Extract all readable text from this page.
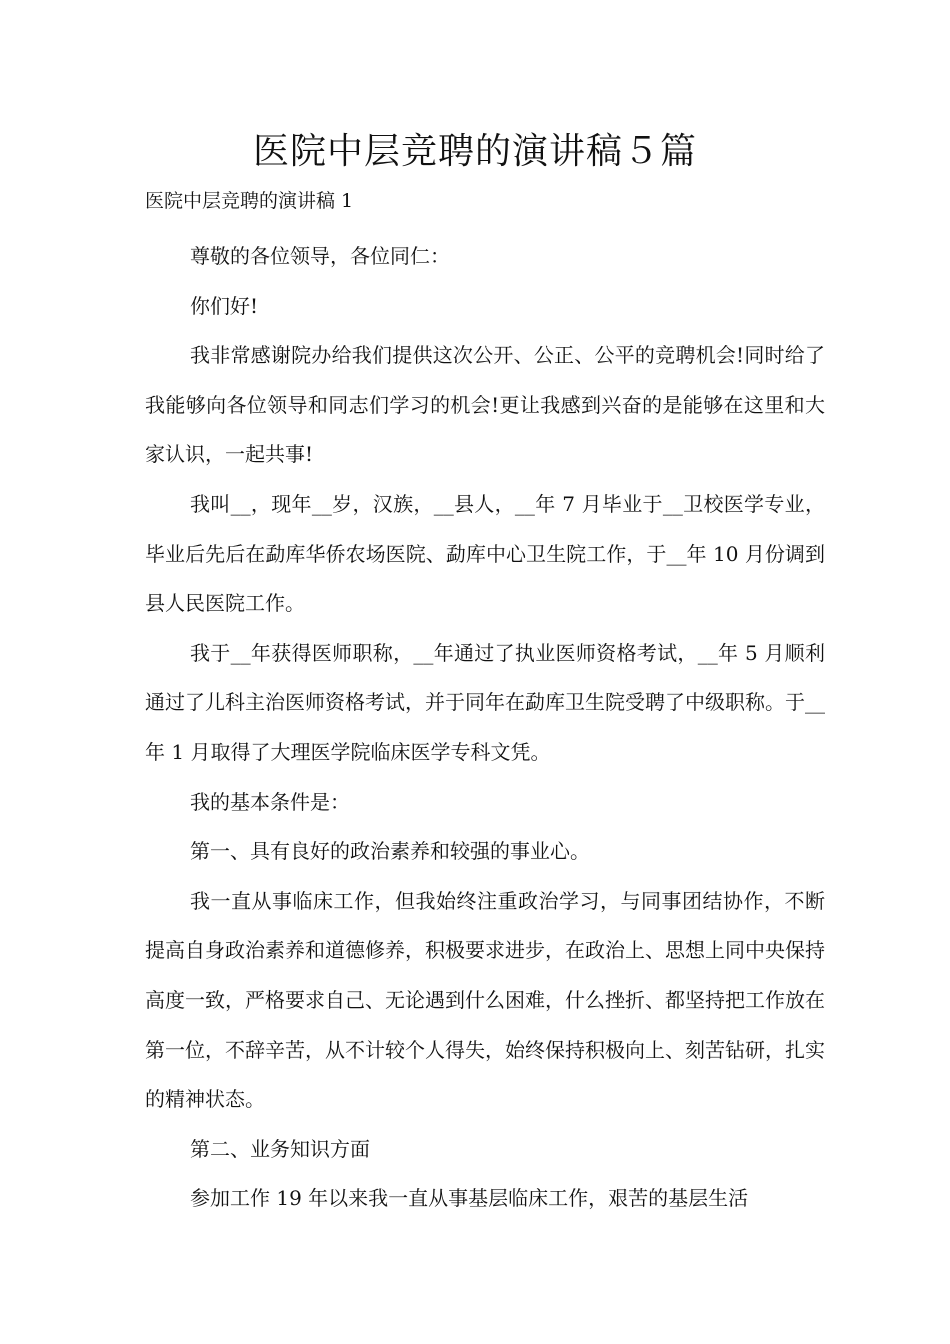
医院中层竞聘的演讲稿５篇

医院中层竞聘的演讲稿 1

尊敬的各位领导，各位同仁：

你们好!

我非常感谢院办给我们提供这次公开、公正、公平的竞聘机会!同时给了我能够向各位领导和同志们学习的机会!更让我感到兴奋的是能够在这里和大家认识，一起共事!

我叫__，现年__岁，汉族，__县人，__年 7 月毕业于__卫校医学专业，毕业后先后在勐库华侨农场医院、勐库中心卫生院工作，于__年 10 月份调到县人民医院工作。

我于__年获得医师职称，__年通过了执业医师资格考试，__年 5 月顺利通过了儿科主治医师资格考试，并于同年在勐库卫生院受聘了中级职称。于__年 1 月取得了大理医学院临床医学专科文凭。

我的基本条件是：

第一、具有良好的政治素养和较强的事业心。

我一直从事临床工作，但我始终注重政治学习，与同事团结协作，不断提高自身政治素养和道德修养，积极要求进步，在政治上、思想上同中央保持高度一致，严格要求自己、无论遇到什么困难，什么挫折、都坚持把工作放在第一位，不辞辛苦，从不计较个人得失，始终保持积极向上、刻苦钻研，扎实的精神状态。

第二、业务知识方面

参加工作 19 年以来我一直从事基层临床工作，艰苦的基层生活
